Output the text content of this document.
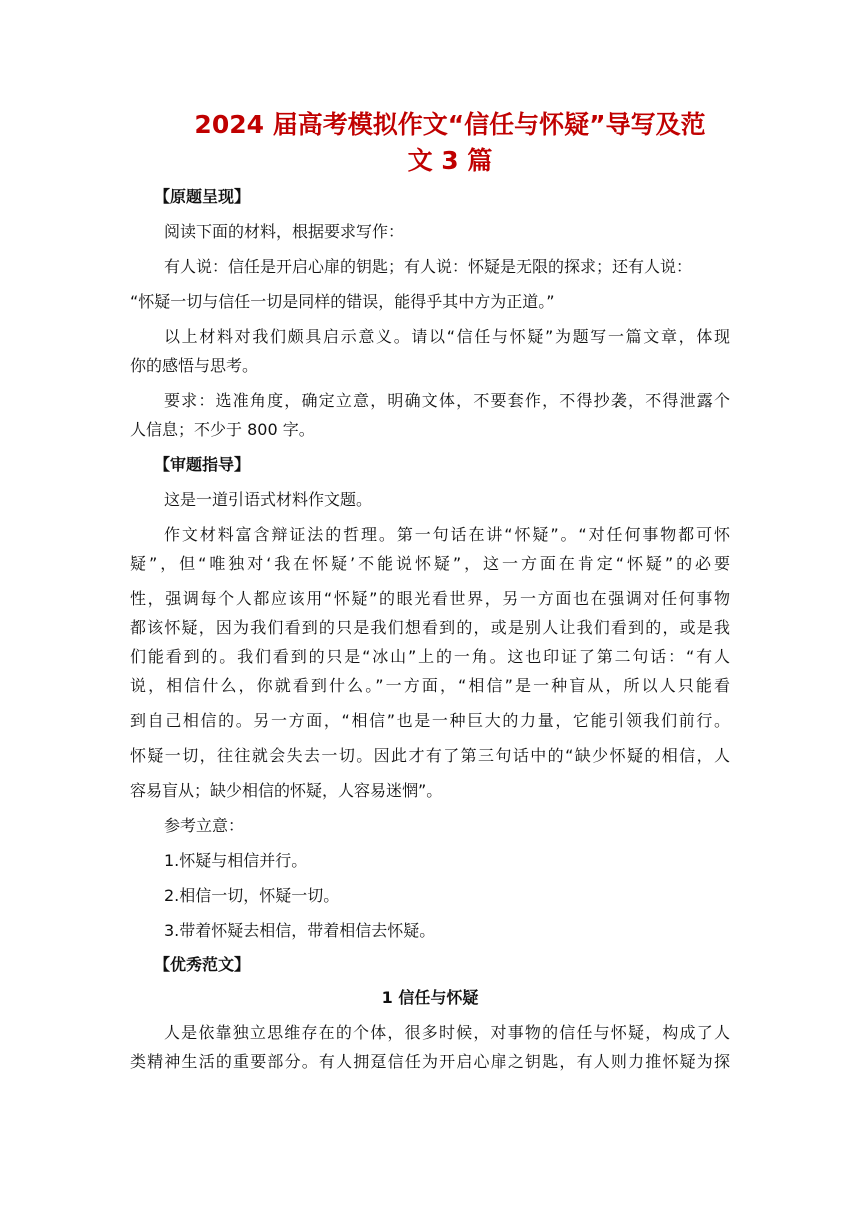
2024 届高考模拟作文“信任与怀疑”导写及范
文 3 篇

【原题呈现】

阅读下面的材料，根据要求写作：

有人说：信任是开启心扉的钥匙；有人说：怀疑是无限的探求；还有人说：

“怀疑一切与信任一切是同样的错误，能得乎其中方为正道。”

以上材料对我们颇具启示意义。请以“信任与怀疑”为题写一篇文章，体现

你的感悟与思考。

要求：选准角度，确定立意，明确文体，不要套作，不得抄袭，不得泄露个

人信息；不少于 800 字。

【审题指导】

这是一道引语式材料作文题。

作文材料富含辩证法的哲理。第一句话在讲“怀疑”。“对任何事物都可怀

疑”，但“唯独对‘我在怀疑’不能说怀疑”，这一方面在肯定“怀疑”的必要

性，强调每个人都应该用“怀疑”的眼光看世界，另一方面也在强调对任何事物

都该怀疑，因为我们看到的只是我们想看到的，或是别人让我们看到的，或是我

们能看到的。我们看到的只是“冰山”上的一角。这也印证了第二句话：“有人

说，相信什么，你就看到什么。”一方面，“相信”是一种盲从，所以人只能看

到自己相信的。另一方面，“相信”也是一种巨大的力量，它能引领我们前行。

怀疑一切，往往就会失去一切。因此才有了第三句话中的“缺少怀疑的相信，人

容易盲从；缺少相信的怀疑，人容易迷惘”。

参考立意：

1.怀疑与相信并行。

2.相信一切，怀疑一切。

3.带着怀疑去相信，带着相信去怀疑。

【优秀范文】

1 信任与怀疑

人是依靠独立思维存在的个体，很多时候，对事物的信任与怀疑，构成了人

类精神生活的重要部分。有人拥趸信任为开启心扉之钥匙，有人则力推怀疑为探
